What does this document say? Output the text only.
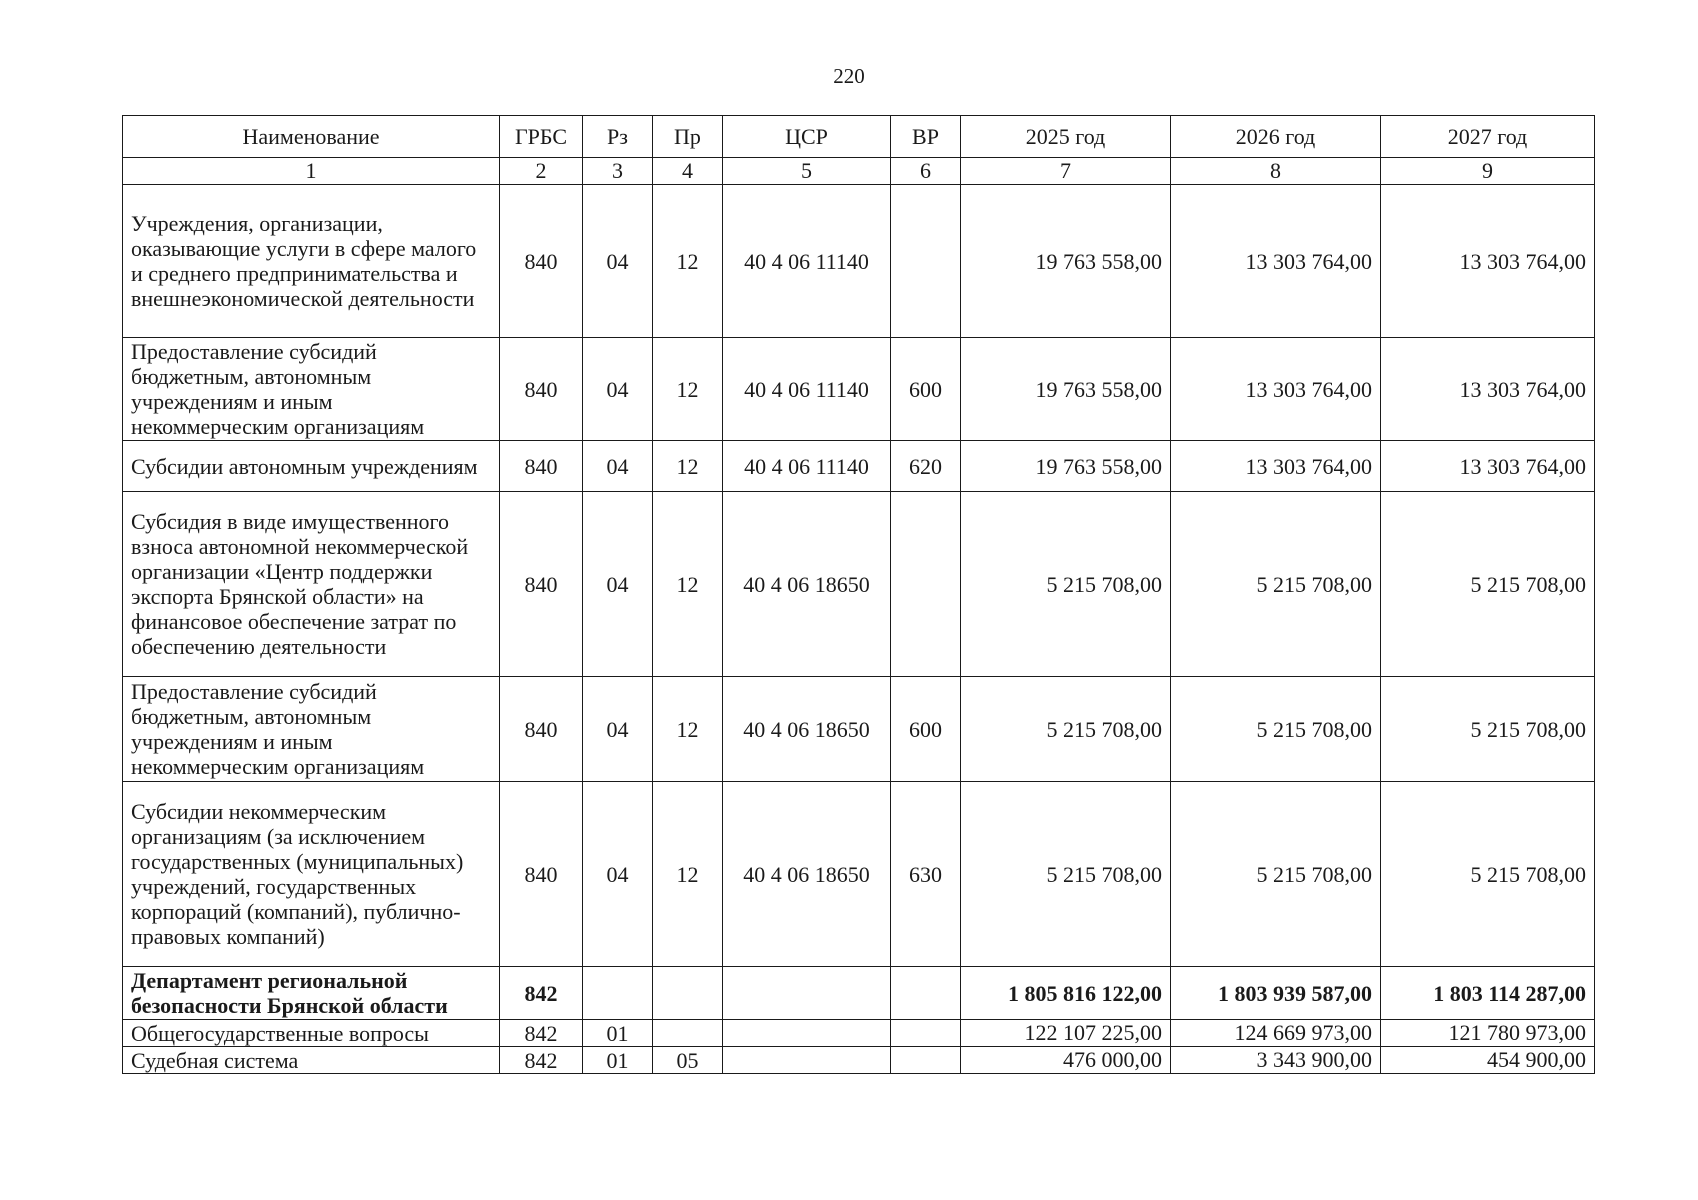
220
Наименование	ГРБС	Рз	Пр	ЦСР	ВР	2025 год	2026 год	2027 год
1	2	3	4	5	6	7	8	9
Учреждения, организации, оказывающие услуги в сфере малого и среднего предпринимательства и внешнеэкономической деятельности	840	04	12	40 4 06 11140		19 763 558,00	13 303 764,00	13 303 764,00
Предоставление субсидий бюджетным, автономным учреждениям и иным некоммерческим организациям	840	04	12	40 4 06 11140	600	19 763 558,00	13 303 764,00	13 303 764,00
Субсидии автономным учреждениям	840	04	12	40 4 06 11140	620	19 763 558,00	13 303 764,00	13 303 764,00
Субсидия в виде имущественного взноса автономной некоммерческой организации «Центр поддержки экспорта Брянской области» на финансовое обеспечение затрат по обеспечению деятельности	840	04	12	40 4 06 18650		5 215 708,00	5 215 708,00	5 215 708,00
Предоставление субсидий бюджетным, автономным учреждениям и иным некоммерческим организациям	840	04	12	40 4 06 18650	600	5 215 708,00	5 215 708,00	5 215 708,00
Субсидии некоммерческим организациям (за исключением государственных (муниципальных) учреждений, государственных корпораций (компаний), публично-правовых компаний)	840	04	12	40 4 06 18650	630	5 215 708,00	5 215 708,00	5 215 708,00
Департамент региональной безопасности Брянской области	842					1 805 816 122,00	1 803 939 587,00	1 803 114 287,00
Общегосударственные вопросы	842	01				122 107 225,00	124 669 973,00	121 780 973,00
Судебная система	842	01	05			476 000,00	3 343 900,00	454 900,00
